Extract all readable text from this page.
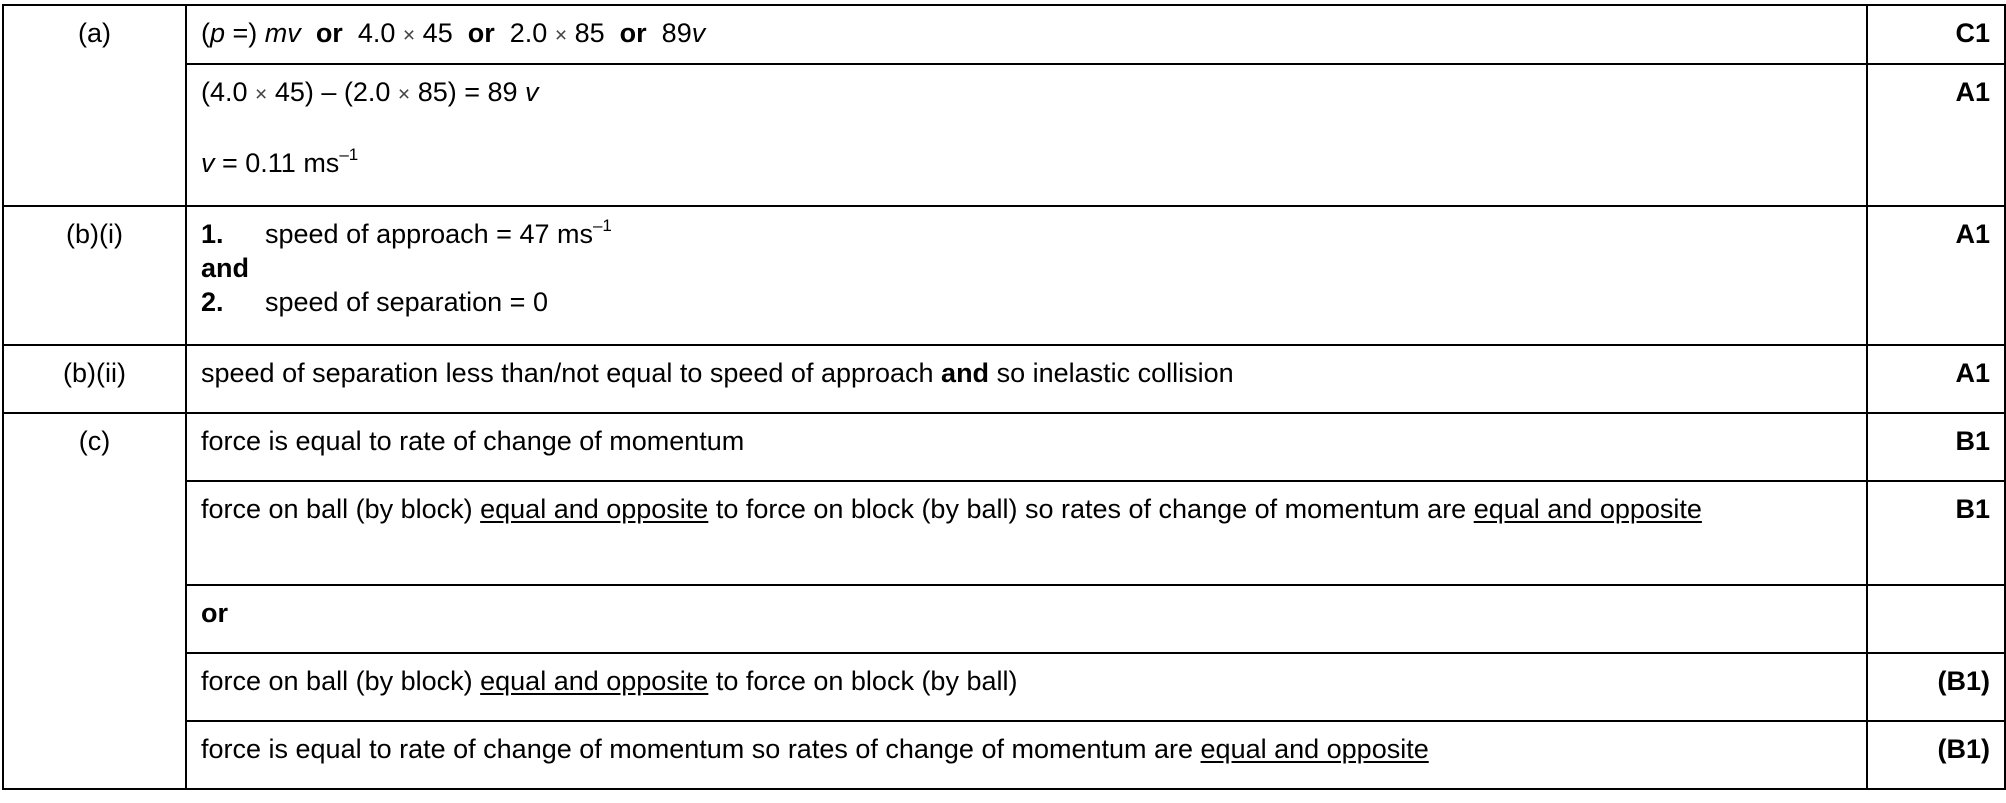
(a)	(p =) mv or 4.0 × 45 or 2.0 × 85 or 89v	C1

	(4.0 × 45) – (2.0 × 85) = 89 v
v = 0.11 $ms^{-1}$	A1
(b)(i)	1. speed of approach = 47 $ms^{-1}$
and
2. speed of separation = 0	A1
(b)(ii)	speed of separation less than/not equal to speed of approach and so inelastic collision	A1
(c)	force is equal to rate of change of momentum	B1
	force on ball (by block) equal and opposite to force on block (by ball) so rates of change of momentum are equal and opposite	B1
	or	
	force on ball (by block) equal and opposite to force on block (by ball)	(B1)
	force is equal to rate of change of momentum so rates of change of momentum are equal and opposite	(B1)
